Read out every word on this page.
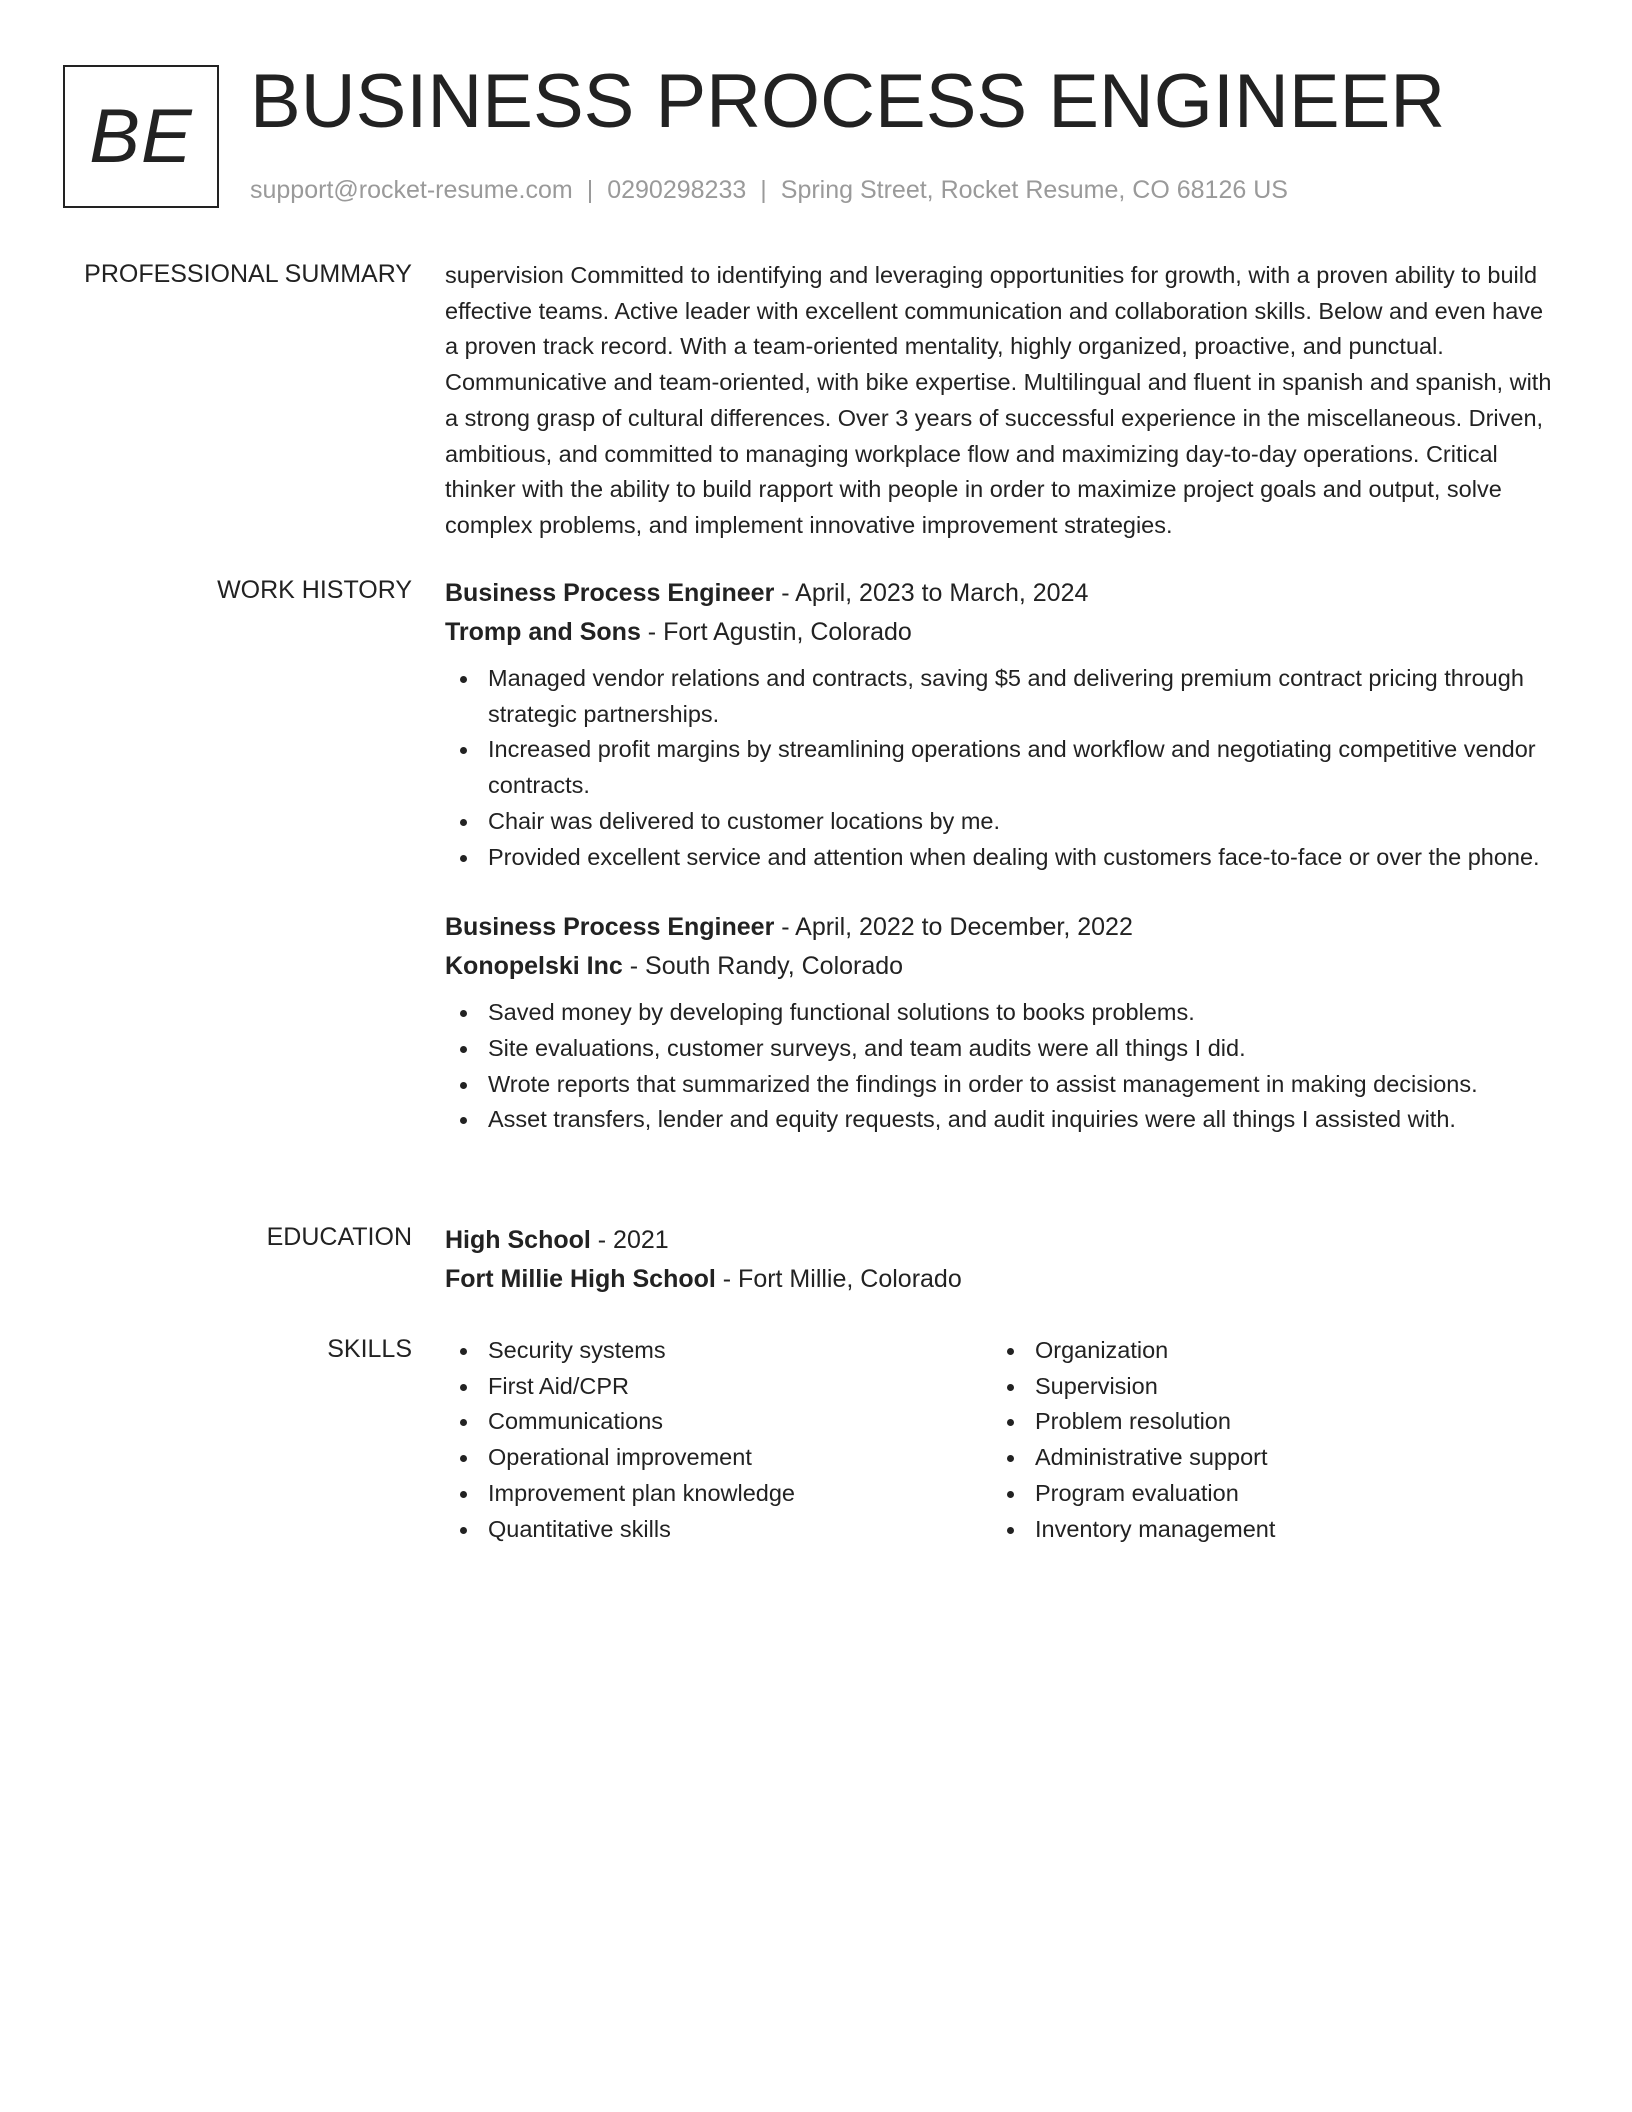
BE BUSINESS PROCESS ENGINEER
support@rocket-resume.com | 0290298233 | Spring Street, Rocket Resume, CO 68126 US
PROFESSIONAL SUMMARY supervision Committed to identifying and leveraging opportunities for growth, with a proven ability to build effective teams. Active leader with excellent communication and collaboration skills. Below and even have a proven track record. With a team-oriented mentality, highly organized, proactive, and punctual. Communicative and team-oriented, with bike expertise. Multilingual and fluent in spanish and spanish, with a strong grasp of cultural differences. Over 3 years of successful experience in the miscellaneous. Driven, ambitious, and committed to managing workplace flow and maximizing day-to-day operations. Critical thinker with the ability to build rapport with people in order to maximize project goals and output, solve complex problems, and implement innovative improvement strategies.

WORK HISTORY Business Process Engineer - April, 2023 to March, 2024
Tromp and Sons - Fort Agustin, Colorado
Managed vendor relations and contracts, saving $5 and delivering premium contract pricing through strategic partnerships.
Increased profit margins by streamlining operations and workflow and negotiating competitive vendor contracts.
Chair was delivered to customer locations by me.
Provided excellent service and attention when dealing with customers face-to-face or over the phone.
Business Process Engineer - April, 2022 to December, 2022
Konopelski Inc - South Randy, Colorado
Saved money by developing functional solutions to books problems.
Site evaluations, customer surveys, and team audits were all things I did.
Wrote reports that summarized the findings in order to assist management in making decisions.
Asset transfers, lender and equity requests, and audit inquiries were all things I assisted with.
EDUCATION High School - 2021
Fort Millie High School - Fort Millie, Colorado
SKILLS	Security systems
First Aid/CPR
Communications
Operational improvement
Improvement plan knowledge
Quantitative skills
Organization
Supervision
Problem resolution
Administrative support
Program evaluation
Inventory management
